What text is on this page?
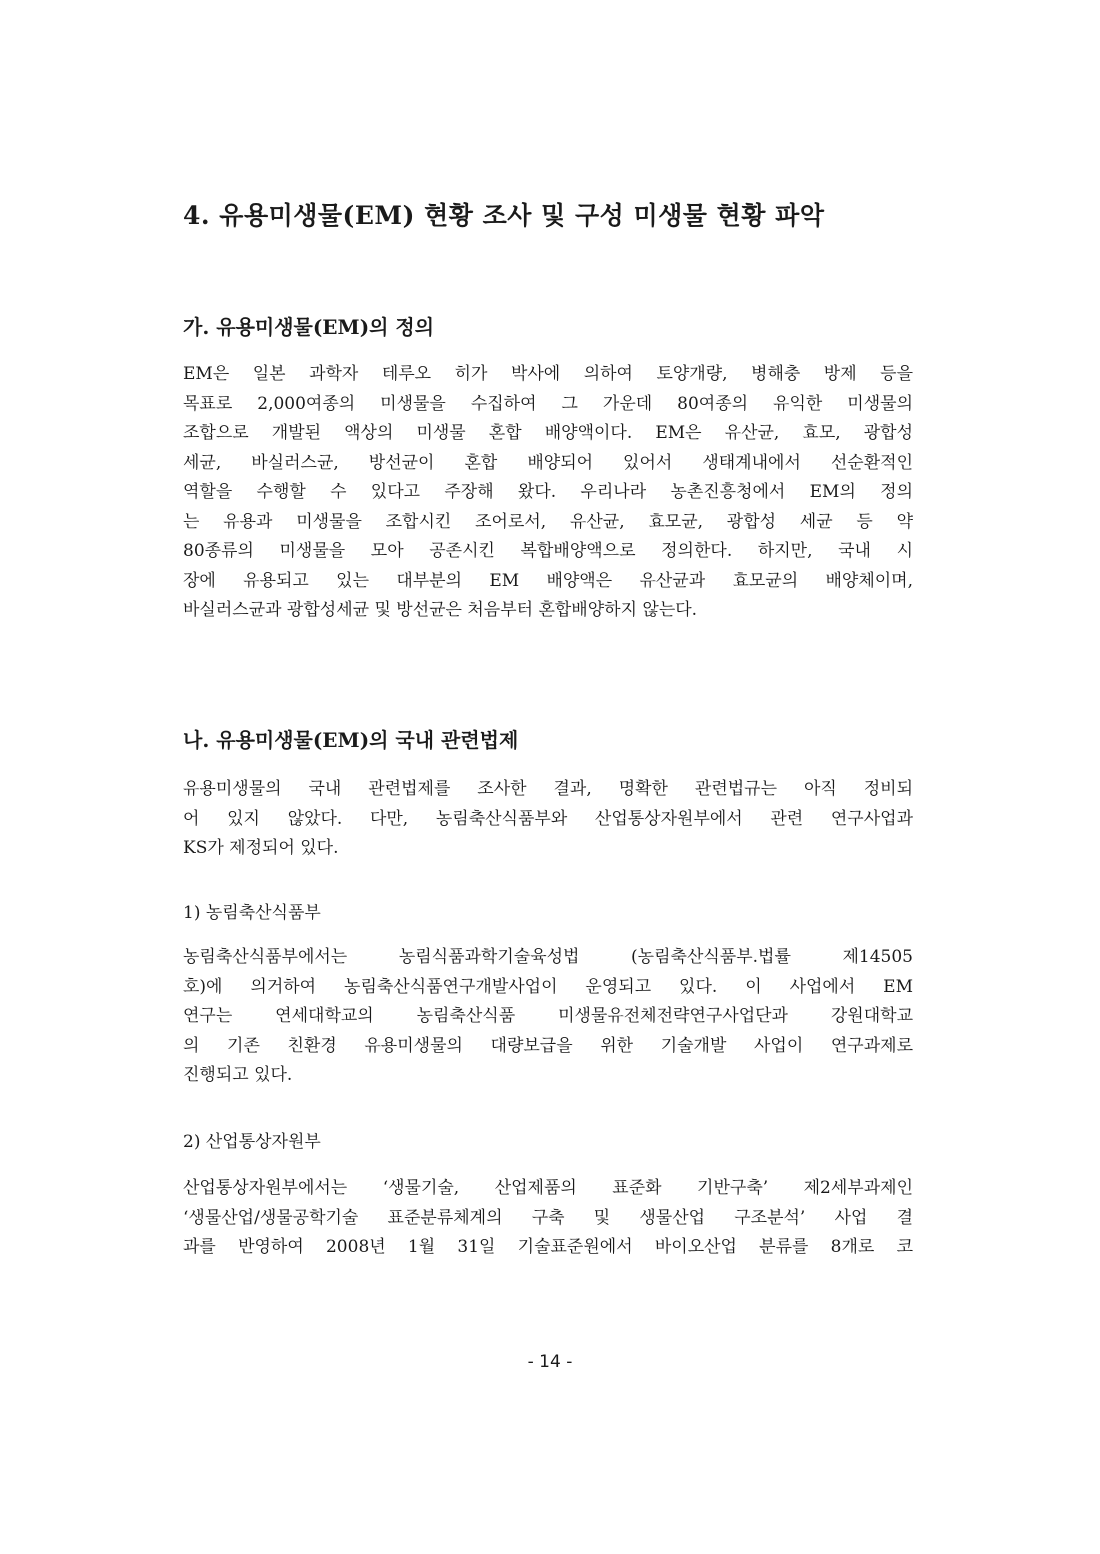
4. 유용미생물(EM) 현황 조사 및 구성 미생물 현황 파악
가. 유용미생물(EM)의 정의

EM은 일본 과학자 테루오 히가 박사에 의하여 토양개량, 병해충 방제 등을
목표로 2,000여종의 미생물을 수집하여 그 가운데 80여종의 유익한 미생물의
조합으로 개발된 액상의 미생물 혼합 배양액이다. EM은 유산균, 효모, 광합성
세균, 바실러스균, 방선균이 혼합 배양되어 있어서 생태계내에서 선순환적인
역할을 수행할 수 있다고 주장해 왔다. 우리나라 농촌진흥청에서 EM의 정의
는 유용과 미생물을 조합시킨 조어로서, 유산균, 효모균, 광합성 세균 등 약
80종류의 미생물을 모아 공존시킨 복합배양액으로 정의한다. 하지만, 국내 시
장에 유용되고 있는 대부분의 EM 배양액은 유산균과 효모균의 배양체이며,
바실러스균과 광합성세균 및 방선균은 처음부터 혼합배양하지 않는다.

나. 유용미생물(EM)의 국내 관련법제

유용미생물의 국내 관련법제를 조사한 결과, 명확한 관련법규는 아직 정비되
어 있지 않았다. 다만, 농림축산식품부와 산업통상자원부에서 관련 연구사업과
KS가 제정되어 있다.

1) 농림축산식품부

농림축산식품부에서는 농림식품과학기술육성법 (농림축산식품부.법률 제14505
호)에 의거하여 농림축산식품연구개발사업이 운영되고 있다. 이 사업에서 EM
연구는 연세대학교의 농림축산식품 미생물유전체전략연구사업단과 강원대학교
의 기존 친환경 유용미생물의 대량보급을 위한 기술개발 사업이 연구과제로
진행되고 있다.

2) 산업통상자원부

산업통상자원부에서는 ‘생물기술, 산업제품의 표준화 기반구축’ 제2세부과제인
‘생물산업/생물공학기술 표준분류체계의 구축 및 생물산업 구조분석’ 사업 결
과를 반영하여 2008년 1월 31일 기술표준원에서 바이오산업 분류를 8개로 코

- 14 -
